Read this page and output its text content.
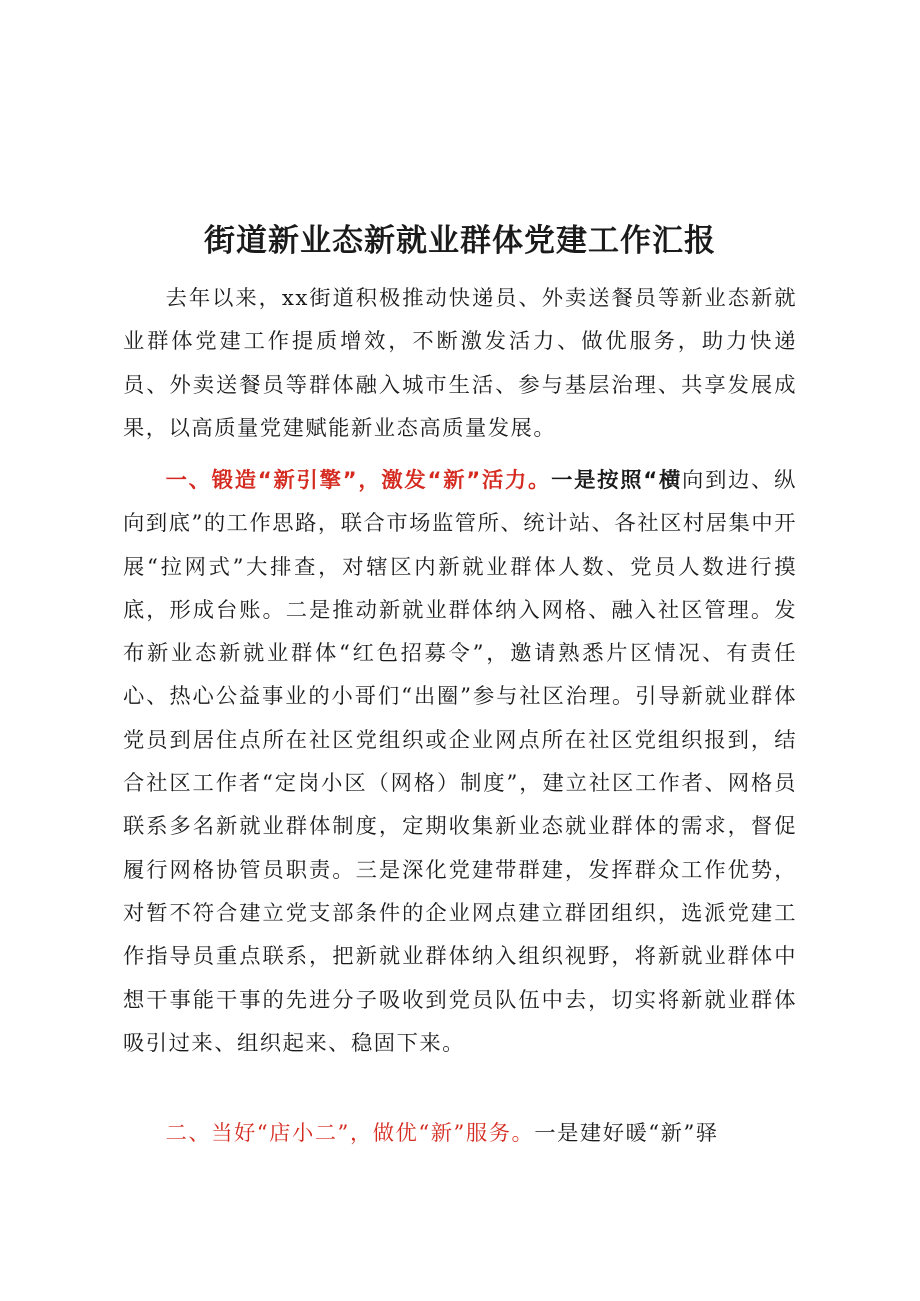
街道新业态新就业群体党建工作汇报

去年以来，xx街道积极推动快递员、外卖送餐员等新业态新就业群体党建工作提质增效，不断激发活力、做优服务，助力快递员、外卖送餐员等群体融入城市生活、参与基层治理、共享发展成果，以高质量党建赋能新业态高质量发展。

一、锻造“新引擎”，激发“新”活力。一是按照“横向到边、纵向到底”的工作思路，联合市场监管所、统计站、各社区村居集中开展“拉网式”大排查，对辖区内新就业群体人数、党员人数进行摸底，形成台账。二是推动新就业群体纳入网格、融入社区管理。发布新业态新就业群体“红色招募令”，邀请熟悉片区情况、有责任心、热心公益事业的小哥们“出圈”参与社区治理。引导新就业群体党员到居住点所在社区党组织或企业网点所在社区党组织报到，结合社区工作者“定岗小区（网格）制度”，建立社区工作者、网格员联系多名新就业群体制度，定期收集新业态就业群体的需求，督促履行网格协管员职责。三是深化党建带群建，发挥群众工作优势，对暂不符合建立党支部条件的企业网点建立群团组织，选派党建工作指导员重点联系，把新就业群体纳入组织视野，将新就业群体中想干事能干事的先进分子吸收到党员队伍中去，切实将新就业群体吸引过来、组织起来、稳固下来。

二、当好“店小二”，做优“新”服务。一是建好暖“新”驿
